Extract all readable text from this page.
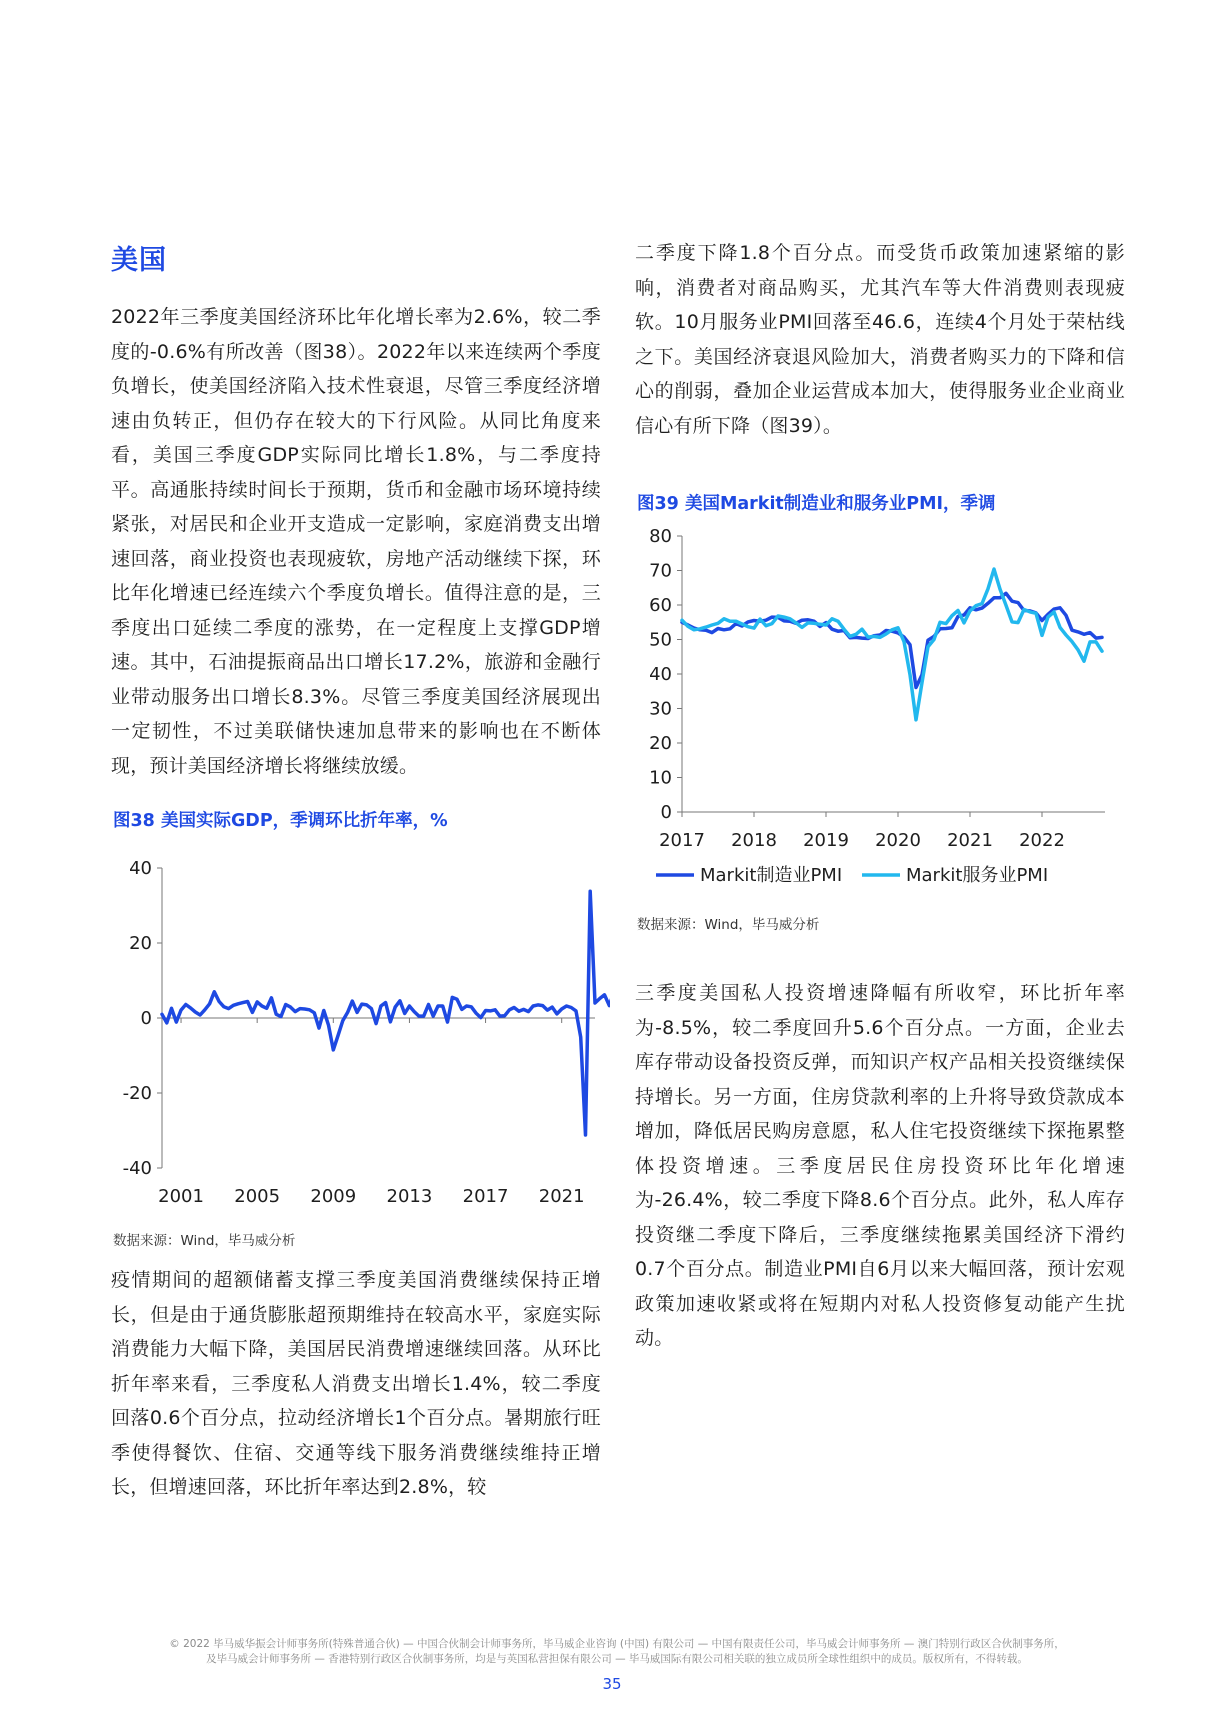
美国
2022年三季度美国经济环比年化增长率为2.6%，较二季度的-0.6%有所改善（图38）。2022年以来连续两个季度负增长，使美国经济陷入技术性衰退，尽管三季度经济增速由负转正，但仍存在较大的下行风险。从同比角度来看，美国三季度GDP实际同比增长1.8%，与二季度持平。高通胀持续时间长于预期，货币和金融市场环境持续紧张，对居民和企业开支造成一定影响，家庭消费支出增速回落，商业投资也表现疲软，房地产活动继续下探，环比年化增速已经连续六个季度负增长。值得注意的是，三季度出口延续二季度的涨势，在一定程度上支撑GDP增速。其中，石油提振商品出口增长17.2%，旅游和金融行业带动服务出口增长8.3%。尽管三季度美国经济展现出一定韧性，不过美联储快速加息带来的影响也在不断体现，预计美国经济增长将继续放缓。
图38 美国实际GDP，季调环比折年率，%
40
20
0
-20
-40
2001 2005 2009 2013 2017 2021
数据来源：Wind，毕马威分析
疫情期间的超额储蓄支撑三季度美国消费继续保持正增长，但是由于通货膨胀超预期维持在较高水平，家庭实际消费能力大幅下降，美国居民消费增速继续回落。从环比折年率来看，三季度私人消费支出增长1.4%，较二季度回落0.6个百分点，拉动经济增长1个百分点。暑期旅行旺季使得餐饮、住宿、交通等线下服务消费继续维持正增长，但增速回落，环比折年率达到2.8%，较
二季度下降1.8个百分点。而受货币政策加速紧缩的影响，消费者对商品购买，尤其汽车等大件消费则表现疲软。10月服务业PMI回落至46.6，连续4个月处于荣枯线之下。美国经济衰退风险加大，消费者购买力的下降和信心的削弱，叠加企业运营成本加大，使得服务业企业商业信心有所下降（图39）。
图39 美国Markit制造业和服务业PMI，季调
80
70
60
50
40
30
20
10
0
2017 2018 2019 2020 2021 2022
Markit制造业PMI	Markit服务业PMI
数据来源：Wind，毕马威分析
三季度美国私人投资增速降幅有所收窄，环比折年率为-8.5%，较二季度回升5.6个百分点。一方面，企业去库存带动设备投资反弹，而知识产权产品相关投资继续保持增长。另一方面，住房贷款利率的上升将导致贷款成本增加，降低居民购房意愿，私人住宅投资继续下探拖累整体投资增速。三季度居民住房投资环比年化增速为-26.4%，较二季度下降8.6个百分点。此外，私人库存投资继二季度下降后，三季度继续拖累美国经济下滑约0.7个百分点。制造业PMI自6月以来大幅回落，预计宏观政策加速收紧或将在短期内对私人投资修复动能产生扰动。
© 2022 毕马威华振会计师事务所(特殊普通合伙) — 中国合伙制会计师事务所，毕马威企业咨询 (中国) 有限公司 — 中国有限责任公司，毕马威会计师事务所 — 澳门特别行政区合伙制事务所，
及毕马威会计师事务所 — 香港特别行政区合伙制事务所，均是与英国私营担保有限公司 — 毕马威国际有限公司相关联的独立成员所全球性组织中的成员。版权所有，不得转载。
35
